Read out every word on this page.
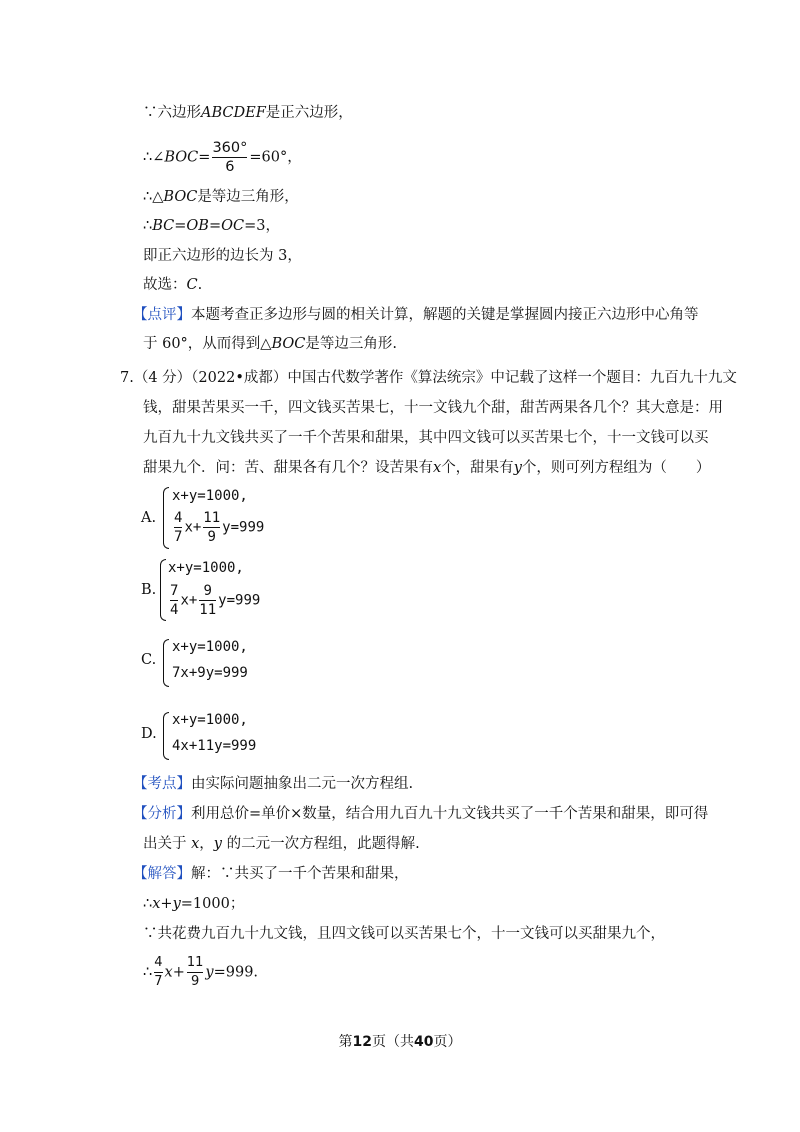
∵六边形ABCDEF是正六边形，
∴∠BOC= $\frac{360^\circ}{6} =60^\circ$，
∴△BOC是等边三角形，
∴BC=OB=OC=3，
即正六边形的边长为 3，
故选：C.
【点评】本题考查正多边形与圆的相关计算，解题的关键是掌握圆内接正六边形中心角等
于 60°，从而得到△BOC是等边三角形.
7.（4 分）（2022•成都）中国古代数学著作《算法统宗》中记载了这样一个题目：九百九十九文
钱，甜果苦果买一千，四文钱买苦果七，十一文钱九个甜，甜苦两果各几个？其大意是：用
九百九十九文钱共买了一千个苦果和甜果，其中四文钱可以买苦果七个，十一文钱可以买
甜果九个．问：苦、甜果各有几个？设苦果有x个，甜果有y个，则可列方程组为（　　）
A.
x+y=1000,
$\frac{4}{7} x+ \frac{11}{9} y=999$
B.
x+y=1000,
$\frac{7}{4} x+ \frac{9}{11} y=999$
C.
x+y=1000,
7x+9y=999
D.
x+y=1000,
4x+11y=999
【考点】由实际问题抽象出二元一次方程组.
【分析】利用总价=单价×数量，结合用九百九十九文钱共买了一千个苦果和甜果，即可得
出关于 x，y 的二元一次方程组，此题得解.
【解答】解：∵共买了一千个苦果和甜果，
∴x+y=1000；
∵共花费九百九十九文钱，且四文钱可以买苦果七个，十一文钱可以买甜果九个，
∴ $\frac{4}{7} x+ \frac{11}{9} y=999$.
第12页（共40页）
